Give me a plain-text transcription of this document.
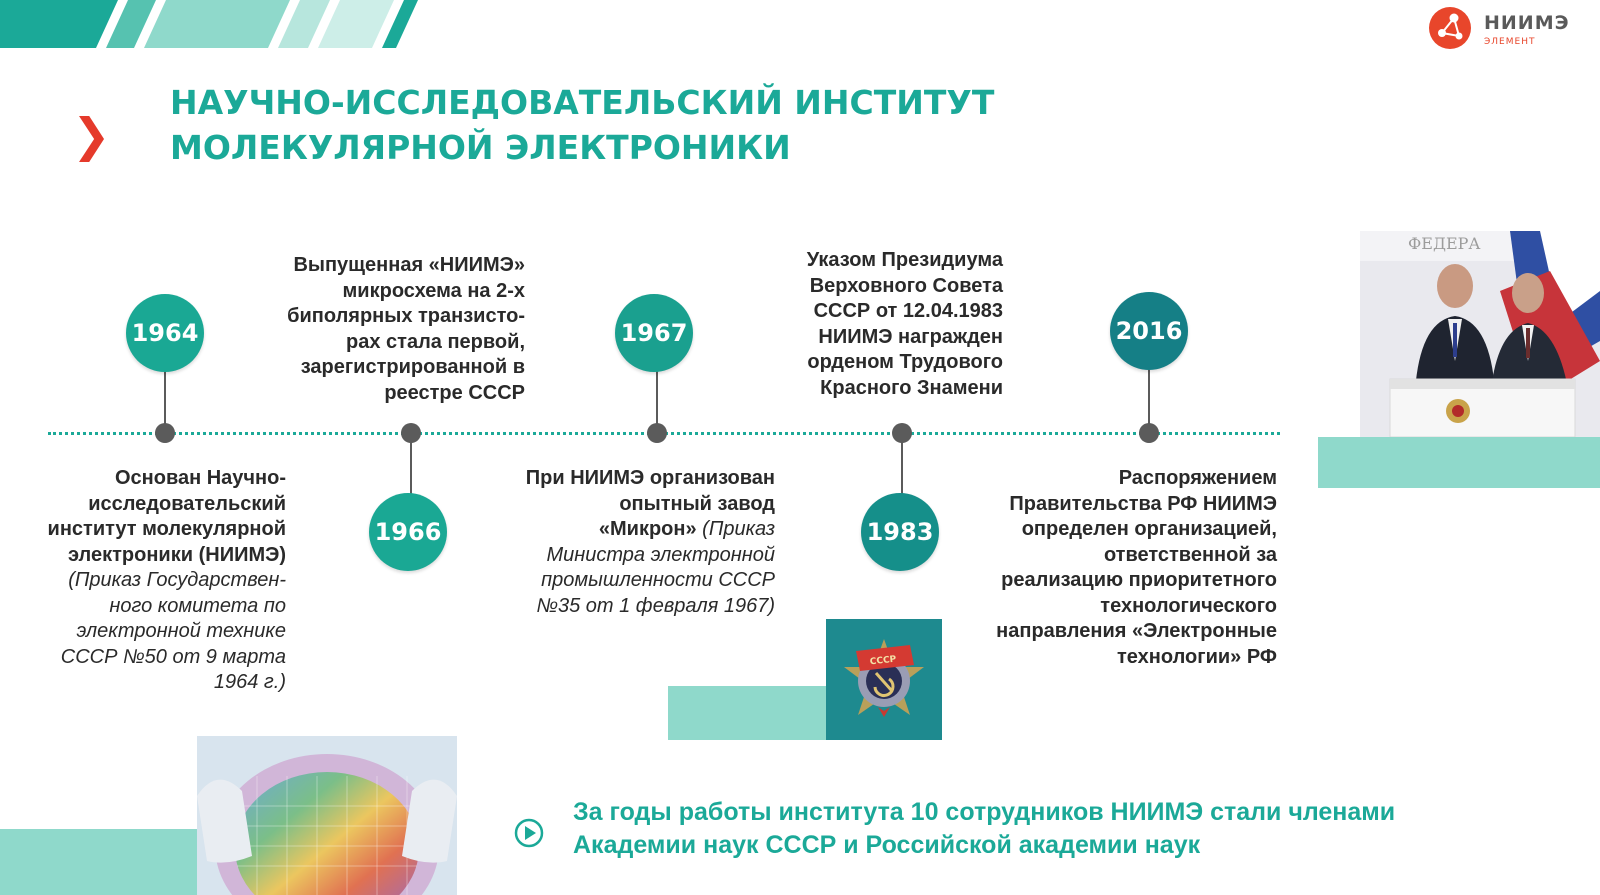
НИИМЭ
ЭЛЕМЕНТ
❯
НАУЧНО-ИССЛЕДОВАТЕЛЬСКИЙ ИНСТИТУТ
МОЛЕКУЛЯРНОЙ ЭЛЕКТРОНИКИ
1964
Основан Научно-
исследовательский
институт молекулярной
электроники (НИИМЭ)
(Приказ Государствен-
ного комитета по
электронной технике
СССР №50 от 9 марта
1964 г.)
1966
Выпущенная «НИИМЭ»
микросхема на 2-х
биполярных транзисто-
рах стала первой,
зарегистрированной в
реестре СССР
1967
При НИИМЭ организован
опытный завод
«Микрон» (Приказ
Министра электронной
промышленности СССР
№35 от 1 февраля 1967)
1983
Указом Президиума
Верховного Совета
СССР от 12.04.1983
НИИМЭ награжден
орденом Трудового
Красного Знамени
2016
Распоряжением
Правительства РФ НИИМЭ
определен организацией,
ответственной за
реализацию приоритетного
технологического
направления «Электронные
технологии» РФ
ФЕДЕРА
СССР
За годы работы института 10 сотрудников НИИМЭ стали членами
Академии наук СССР и Российской академии наук
